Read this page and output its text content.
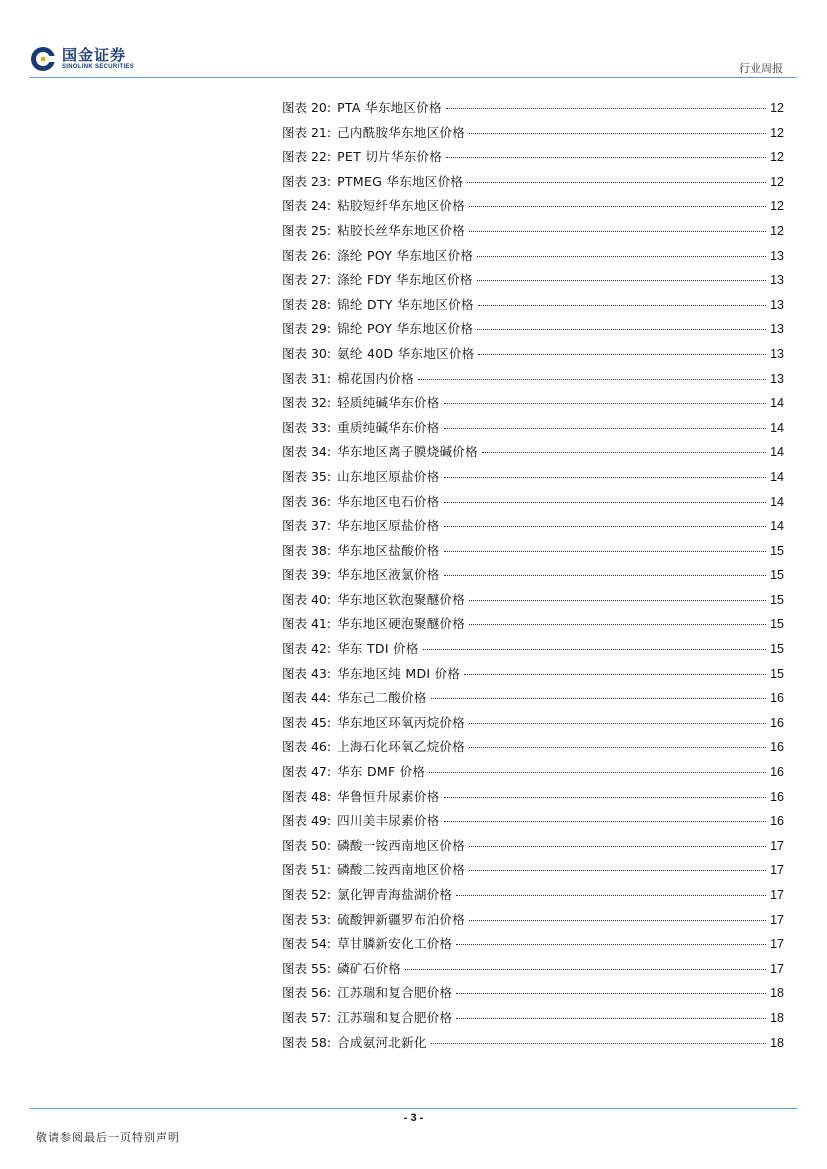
国金证券
SINOLINK SECURITIES	行业周报
图表 20: PTA 华东地区价格	12
图表 21: 己内酰胺华东地区价格	12
图表 22: PET 切片华东价格	12
图表 23: PTMEG 华东地区价格	12
图表 24: 粘胶短纤华东地区价格	12
图表 25: 粘胶长丝华东地区价格	12
图表 26: 涤纶 POY 华东地区价格	13
图表 27: 涤纶 FDY 华东地区价格	13
图表 28: 锦纶 DTY 华东地区价格	13
图表 29: 锦纶 POY 华东地区价格	13
图表 30: 氨纶 40D 华东地区价格	13
图表 31: 棉花国内价格	13
图表 32: 轻质纯碱华东价格	14
图表 33: 重质纯碱华东价格	14
图表 34: 华东地区离子膜烧碱价格	14
图表 35: 山东地区原盐价格	14
图表 36: 华东地区电石价格	14
图表 37: 华东地区原盐价格	14
图表 38: 华东地区盐酸价格	15
图表 39: 华东地区液氯价格	15
图表 40: 华东地区软泡聚醚价格	15
图表 41: 华东地区硬泡聚醚价格	15
图表 42: 华东 TDI 价格	15
图表 43: 华东地区纯 MDI 价格	15
图表 44: 华东己二酸价格	16
图表 45: 华东地区环氧丙烷价格	16
图表 46: 上海石化环氧乙烷价格	16
图表 47: 华东 DMF 价格	16
图表 48: 华鲁恒升尿素价格	16
图表 49: 四川美丰尿素价格	16
图表 50: 磷酸一铵西南地区价格	17
图表 51: 磷酸二铵西南地区价格	17
图表 52: 氯化钾青海盐湖价格	17
图表 53: 硫酸钾新疆罗布泊价格	17
图表 54: 草甘膦新安化工价格	17
图表 55: 磷矿石价格	17
图表 56: 江苏瑞和复合肥价格	18
图表 57: 江苏瑞和复合肥价格	18
图表 58: 合成氨河北新化	18
- 3 -
敬请参阅最后一页特别声明
